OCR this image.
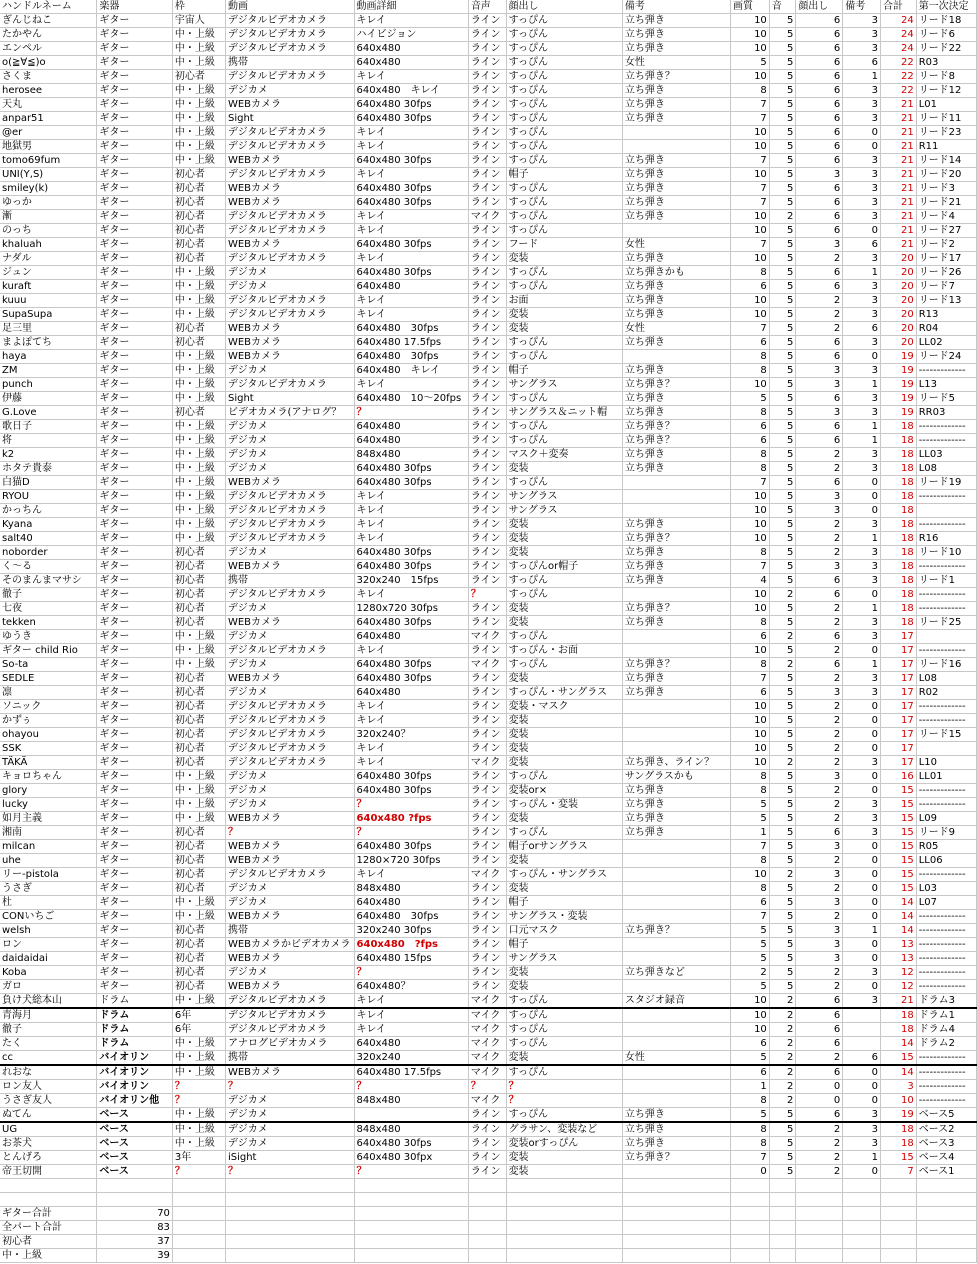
ハンドルネーム	楽器	枠	動画	動画詳細	音声	顔出し	備考	画質	音	顔出し	備考	合計	第一次決定
ぎんじねこ	ギター	宇宙人	デジタルビデオカメラ	キレイ	ライン	すっぴん	立ち弾き	10	5	6	3	24	リード18
たかやん	ギター	中・上級	デジタルビデオカメラ	ハイビジョン	ライン	すっぴん	立ち弾き	10	5	6	3	24	リード6
エンペル	ギター	中・上級	デジタルビデオカメラ	640x480	ライン	すっぴん	立ち弾き	10	5	6	3	24	リード22
o(≧∀≦)o	ギター	中・上級	携帯	640x480	ライン	すっぴん	女性	5	5	6	6	22	R03
さくま	ギター	初心者	デジタルビデオカメラ	キレイ	ライン	すっぴん	立ち弾き？	10	5	6	1	22	リード8
herosee	ギター	中・上級	デジカメ	640x480　キレイ	ライン	すっぴん	立ち弾き	8	5	6	3	22	リード12
天丸	ギター	中・上級	WEBカメラ	640x480 30fps	ライン	すっぴん	立ち弾き	7	5	6	3	21	L01
anpar51	ギター	中・上級	Sight	640x480 30fps	ライン	すっぴん	立ち弾き	7	5	6	3	21	リード11
@er	ギター	中・上級	デジタルビデオカメラ	キレイ	ライン	すっぴん		10	5	6	0	21	リード23
地獄男	ギター	中・上級	デジタルビデオカメラ	キレイ	ライン	すっぴん		10	5	6	0	21	R11
tomo69fum	ギター	中・上級	WEBカメラ	640x480 30fps	ライン	すっぴん	立ち弾き	7	5	6	3	21	リード14
UNI(Y,S)	ギター	初心者	デジタルビデオカメラ	キレイ	ライン	帽子	立ち弾き	10	5	3	3	21	リード20
smiley(k)	ギター	初心者	WEBカメラ	640x480 30fps	ライン	すっぴん	立ち弾き	7	5	6	3	21	リード3
ゆっか	ギター	初心者	WEBカメラ	640x480 30fps	ライン	すっぴん	立ち弾き	7	5	6	3	21	リード21
漸	ギター	初心者	デジタルビデオカメラ	キレイ	マイク	すっぴん	立ち弾き	10	2	6	3	21	リード4
のっち	ギター	初心者	デジタルビデオカメラ	キレイ	ライン	すっぴん		10	5	6	0	21	リード27
khaluah	ギター	初心者	WEBカメラ	640x480 30fps	ライン	フード	女性	7	5	3	6	21	リード2
ナダル	ギター	初心者	デジタルビデオカメラ	キレイ	ライン	変装	立ち弾き	10	5	2	3	20	リード17
ジュン	ギター	中・上級	デジカメ	640x480 30fps	ライン	すっぴん	立ち弾きかも	8	5	6	1	20	リード26
kuraft	ギター	中・上級	デジカメ	640x480	ライン	すっぴん	立ち弾き	6	5	6	3	20	リード7
kuuu	ギター	中・上級	デジタルビデオカメラ	キレイ	ライン	お面	立ち弾き	10	5	2	3	20	リード13
SupaSupa	ギター	中・上級	デジタルビデオカメラ	キレイ	ライン	変装	立ち弾き	10	5	2	3	20	R13
足三里	ギター	初心者	WEBカメラ	640x480　30fps	ライン	変装	女性	7	5	2	6	20	R04
まよぽてち	ギター	初心者	WEBカメラ	640x480 17.5fps	ライン	すっぴん	立ち弾き	6	5	6	3	20	LL02
haya	ギター	中・上級	WEBカメラ	640x480　30fps	ライン	すっぴん		8	5	6	0	19	リード24
ZM	ギター	中・上級	デジカメ	640x480　キレイ	ライン	帽子	立ち弾き	8	5	3	3	19	-------------
punch	ギター	中・上級	デジタルビデオカメラ	キレイ	ライン	サングラス	立ち弾き？	10	5	3	1	19	L13
伊藤	ギター	中・上級	Sight	640x480　10～20fps	ライン	すっぴん	立ち弾き	5	5	6	3	19	リード5
G.Love	ギター	初心者	ビデオカメラ(アナログ？	？	ライン	サングラス＆ニット帽	立ち弾き	8	5	3	3	19	RR03
歌日子	ギター	中・上級	デジカメ	640x480	ライン	すっぴん	立ち弾き？	6	5	6	1	18	-------------
将	ギター	中・上級	デジカメ	640x480	ライン	すっぴん	立ち弾き？	6	5	6	1	18	-------------
k2	ギター	中・上級	デジカメ	848x480	ライン	マスク＋変奏	立ち弾き	8	5	2	3	18	LL03
ホタテ貴泰	ギター	中・上級	デジカメ	640x480 30fps	ライン	変装	立ち弾き	8	5	2	3	18	L08
白猫D	ギター	中・上級	WEBカメラ	640x480 30fps	ライン	すっぴん		7	5	6	0	18	リード19
RYOU	ギター	中・上級	デジタルビデオカメラ	キレイ	ライン	サングラス		10	5	3	0	18	-------------
かっちん	ギター	中・上級	デジタルビデオカメラ	キレイ	ライン	サングラス		10	5	3	0	18	
Kyana	ギター	中・上級	デジタルビデオカメラ	キレイ	ライン	変装	立ち弾き	10	5	2	3	18	-------------
salt40	ギター	中・上級	デジタルビデオカメラ	キレイ	ライン	変装	立ち弾き？	10	5	2	1	18	R16
noborder	ギター	初心者	デジカメ	640x480 30fps	ライン	変装	立ち弾き	8	5	2	3	18	リード10
く～る	ギター	初心者	WEBカメラ	640x480 30fps	ライン	すっぴんor帽子	立ち弾き	7	5	3	3	18	-------------
そのまんまマサシ	ギター	初心者	携帯	320x240　15fps	ライン	すっぴん	立ち弾き	4	5	6	3	18	リード1
徹子	ギター	初心者	デジタルビデオカメラ	キレイ	？	すっぴん		10	2	6	0	18	-------------
七夜	ギター	初心者	デジカメ	1280x720 30fps	ライン	変装	立ち弾き？	10	5	2	1	18	-------------
tekken	ギター	初心者	WEBカメラ	640x480 30fps	ライン	変装	立ち弾き	8	5	2	3	18	リード25
ゆうき	ギター	中・上級	デジカメ	640x480	マイク	すっぴん		6	2	6	3	17	
ギター child Rio	ギター	中・上級	デジタルビデオカメラ	キレイ	ライン	すっぴん・お面		10	5	2	0	17	-------------
So-ta	ギター	中・上級	デジカメ	640x480 30fps	マイク	すっぴん	立ち弾き？	8	2	6	1	17	リード16
SEDLE	ギター	初心者	WEBカメラ	640x480 30fps	ライン	変装	立ち弾き	7	5	2	3	17	L08
凛	ギター	初心者	デジカメ	640x480	ライン	すっぴん・サングラス	立ち弾き	6	5	3	3	17	R02
ソニック	ギター	初心者	デジタルビデオカメラ	キレイ	ライン	変装・マスク		10	5	2	0	17	-------------
かずぅ	ギター	初心者	デジタルビデオカメラ	キレイ	ライン	変装		10	5	2	0	17	-------------
ohayou	ギター	初心者	デジタルビデオカメラ	320x240？	ライン	変装		10	5	2	0	17	リード15
SSK	ギター	初心者	デジタルビデオカメラ	キレイ	ライン	変装		10	5	2	0	17	
TÄKÄ	ギター	初心者	デジタルビデオカメラ	キレイ	マイク	変装	立ち弾き、ライン？	10	2	2	3	17	L10
キョロちゃん	ギター	中・上級	デジカメ	640x480 30fps	ライン	すっぴん	サングラスかも	8	5	3	0	16	LL01
glory	ギター	中・上級	デジカメ	640x480 30fps	ライン	変装or×	立ち弾き	8	5	2	0	15	-------------
lucky	ギター	中・上級	デジカメ	？	ライン	すっぴん・変装	立ち弾き	5	5	2	3	15	-------------
如月主義	ギター	中・上級	WEBカメラ	640x480 ?fps	ライン	変装	立ち弾き	5	5	2	3	15	L09
湘南	ギター	初心者	？	？	ライン	すっぴん	立ち弾き	1	5	6	3	15	リード9
milcan	ギター	初心者	WEBカメラ	640x480 30fps	ライン	帽子orサングラス		7	5	3	0	15	R05
uhe	ギター	初心者	WEBカメラ	1280×720 30fps	ライン	変装		8	5	2	0	15	LL06
リー-pistola	ギター	初心者	デジタルビデオカメラ	キレイ	マイク	すっぴん・サングラス		10	2	3	0	15	-------------
うさぎ	ギター	初心者	デジカメ	848x480	ライン	変装		8	5	2	0	15	L03
杜	ギター	中・上級	デジカメ	640x480	ライン	帽子		6	5	3	0	14	L07
CONいちご	ギター	中・上級	WEBカメラ	640x480　30fps	ライン	サングラス・変装		7	5	2	0	14	-------------
welsh	ギター	初心者	携帯	320x240 30fps	ライン	口元マスク	立ち弾き？	5	5	3	1	14	-------------
ロン	ギター	初心者	WEBカメラかビデオカメラ	640x480　?fps	ライン	帽子		5	5	3	0	13	-------------
daidaidai	ギター	初心者	WEBカメラ	640x480 15fps	ライン	サングラス		5	5	3	0	13	-------------
Koba	ギター	初心者	デジカメ	？	ライン	変装	立ち弾きなど	2	5	2	3	12	-------------
ガロ	ギター	初心者	WEBカメラ	640x480？	ライン	変装		5	5	2	0	12	-------------
負け犬総本山	ドラム	中・上級	デジタルビデオカメラ	キレイ	マイク	すっぴん	スタジオ録音	10	2	6	3	21	ドラム3
青海月	ドラム	6年	デジタルビデオカメラ	キレイ	マイク	すっぴん		10	2	6		18	ドラム1
徹子	ドラム	6年	デジタルビデオカメラ	キレイ	マイク	すっぴん		10	2	6		18	ドラム4
たく	ドラム	中・上級	アナログビデオカメラ	640x480	マイク	すっぴん		6	2	6		14	ドラム2
cc	バイオリン	中・上級	携帯	320x240	マイク	変装	女性	5	2	2	6	15	-------------
れおな	バイオリン	中・上級	WEBカメラ	640x480 17.5fps	マイク	すっぴん		6	2	6	0	14	-------------
ロン友人	バイオリン	？	？	？	？	？		1	2	0	0	3	-------------
うさぎ友人	バイオリン他	？	デジカメ	848x480	マイク	？		8	2	0	0	10	-------------
ぬてん	ベース	中・上級	デジカメ		ライン	すっぴん	立ち弾き	5	5	6	3	19	ベース5
UG	ベース	中・上級	デジカメ	848x480	ライン	グラサン、変装など	立ち弾き	8	5	2	3	18	ベース2
お茶犬	ベース	中・上級	デジカメ	640x480 30fps	ライン	変装orすっぴん	立ち弾き	8	5	2	3	18	ベース3
とんげろ	ベース	3年	iSight	640x480 30fpx	ライン	変装	立ち弾き？	7	5	2	1	15	ベース4
帝王切開	ベース	？	？	？	ライン	変装		0	5	2	0	7	ベース1

ギター合計	70												
全パート合計	83												
初心者	37												
中・上級	39												
